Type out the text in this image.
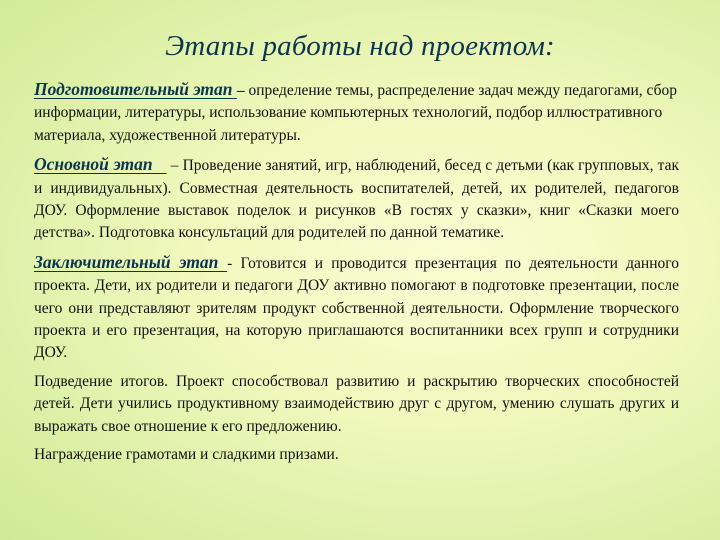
Этапы работы над проектом:

Подготовительный этап – определение темы, распределение задач между педагогами, сбор информации, литературы, использование компьютерных технологий, подбор иллюстративного материала, художественной литературы.

Основной этап    – Проведение занятий, игр, наблюдений, бесед с детьми (как групповых, так и индивидуальных). Совместная деятельность воспитателей, детей, их родителей, педагогов ДОУ. Оформление выставок поделок и рисунков «В гостях у сказки», книг «Сказки моего детства». Подготовка консультаций для родителей по данной тематике.

Заключительный этап - Готовится и проводится презентация по деятельности данного проекта. Дети, их родители и педагоги ДОУ активно помогают в подготовке презентации, после чего они представляют зрителям продукт собственной деятельности. Оформление творческого проекта и его презентация, на которую приглашаются воспитанники всех групп и сотрудники ДОУ.

Подведение итогов. Проект способствовал развитию и раскрытию творческих способностей детей. Дети учились продуктивному взаимодействию друг с другом, умению слушать других и выражать свое отношение к его предложению.

Награждение грамотами и сладкими призами.
